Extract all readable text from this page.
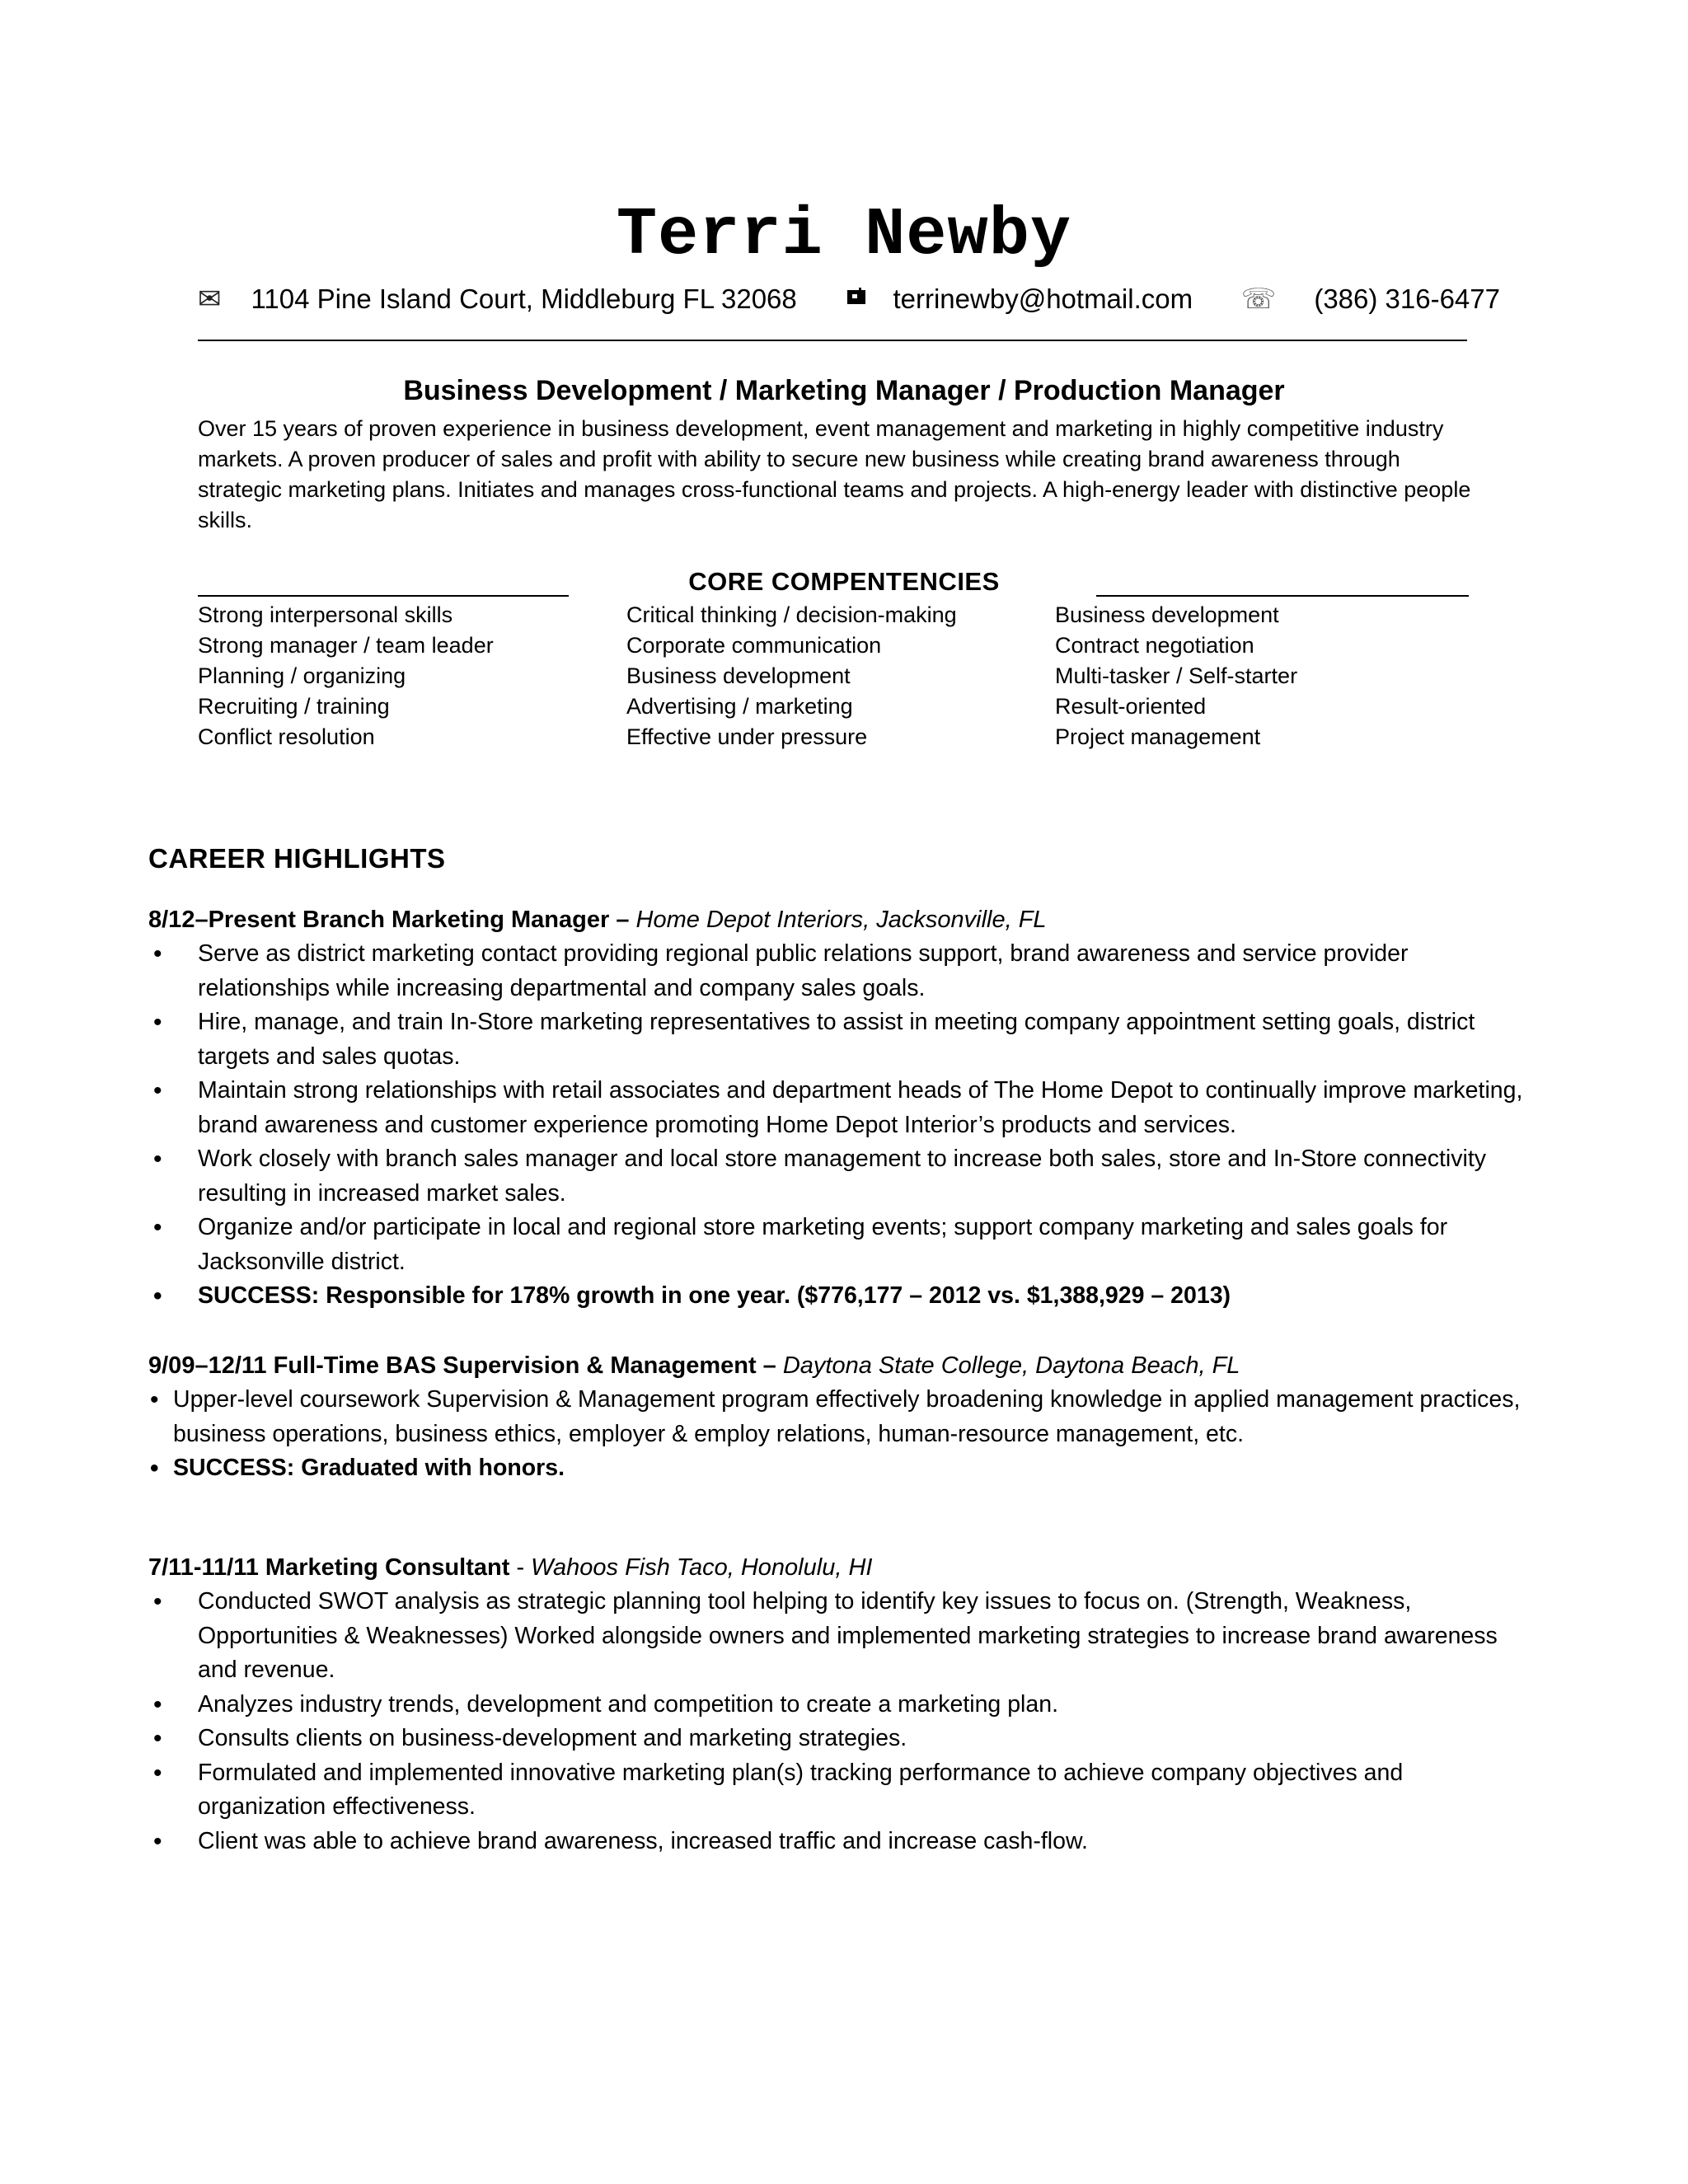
Terri Newby
✉ 1104 Pine Island Court, Middleburg FL 32068	terrinewby@hotmail.com ☏ (386) 316-6477
Business Development / Marketing Manager / Production Manager
Over 15 years of proven experience in business development, event management and marketing in highly competitive industry markets. A proven producer of sales and profit with ability to secure new business while creating brand awareness through strategic marketing plans. Initiates and manages cross-functional teams and projects. A high-energy leader with distinctive people skills.
CORE COMPENTENCIES
Strong interpersonal skills
Strong manager / team leader
Planning / organizing
Recruiting / training
Conflict resolution
Critical thinking / decision-making
Corporate communication
Business development
Advertising / marketing
Effective under pressure
Business development
Contract negotiation
Multi-tasker / Self-starter
Result-oriented
Project management
CAREER HIGHLIGHTS
8/12–Present Branch Marketing Manager – Home Depot Interiors, Jacksonville, FL
• Serve as district marketing contact providing regional public relations support, brand awareness and service provider relationships while increasing departmental and company sales goals.
• Hire, manage, and train In-Store marketing representatives to assist in meeting company appointment setting goals, district targets and sales quotas.
• Maintain strong relationships with retail associates and department heads of The Home Depot to continually improve marketing, brand awareness and customer experience promoting Home Depot Interior’s products and services.
• Work closely with branch sales manager and local store management to increase both sales, store and In-Store connectivity resulting in increased market sales.
• Organize and/or participate in local and regional store marketing events; support company marketing and sales goals for Jacksonville district.
• SUCCESS: Responsible for 178% growth in one year. ($776,177 – 2012 vs. $1,388,929 – 2013)
9/09–12/11 Full-Time BAS Supervision & Management – Daytona State College, Daytona Beach, FL
• Upper-level coursework Supervision & Management program effectively broadening knowledge in applied management practices, business operations, business ethics, employer & employ relations, human-resource management, etc.
• SUCCESS: Graduated with honors.
7/11-11/11 Marketing Consultant - Wahoos Fish Taco, Honolulu, HI
• Conducted SWOT analysis as strategic planning tool helping to identify key issues to focus on. (Strength, Weakness, Opportunities & Weaknesses) Worked alongside owners and implemented marketing strategies to increase brand awareness and revenue.
• Analyzes industry trends, development and competition to create a marketing plan.
• Consults clients on business-development and marketing strategies.
• Formulated and implemented innovative marketing plan(s) tracking performance to achieve company objectives and organization effectiveness.
• Client was able to achieve brand awareness, increased traffic and increase cash-flow.
